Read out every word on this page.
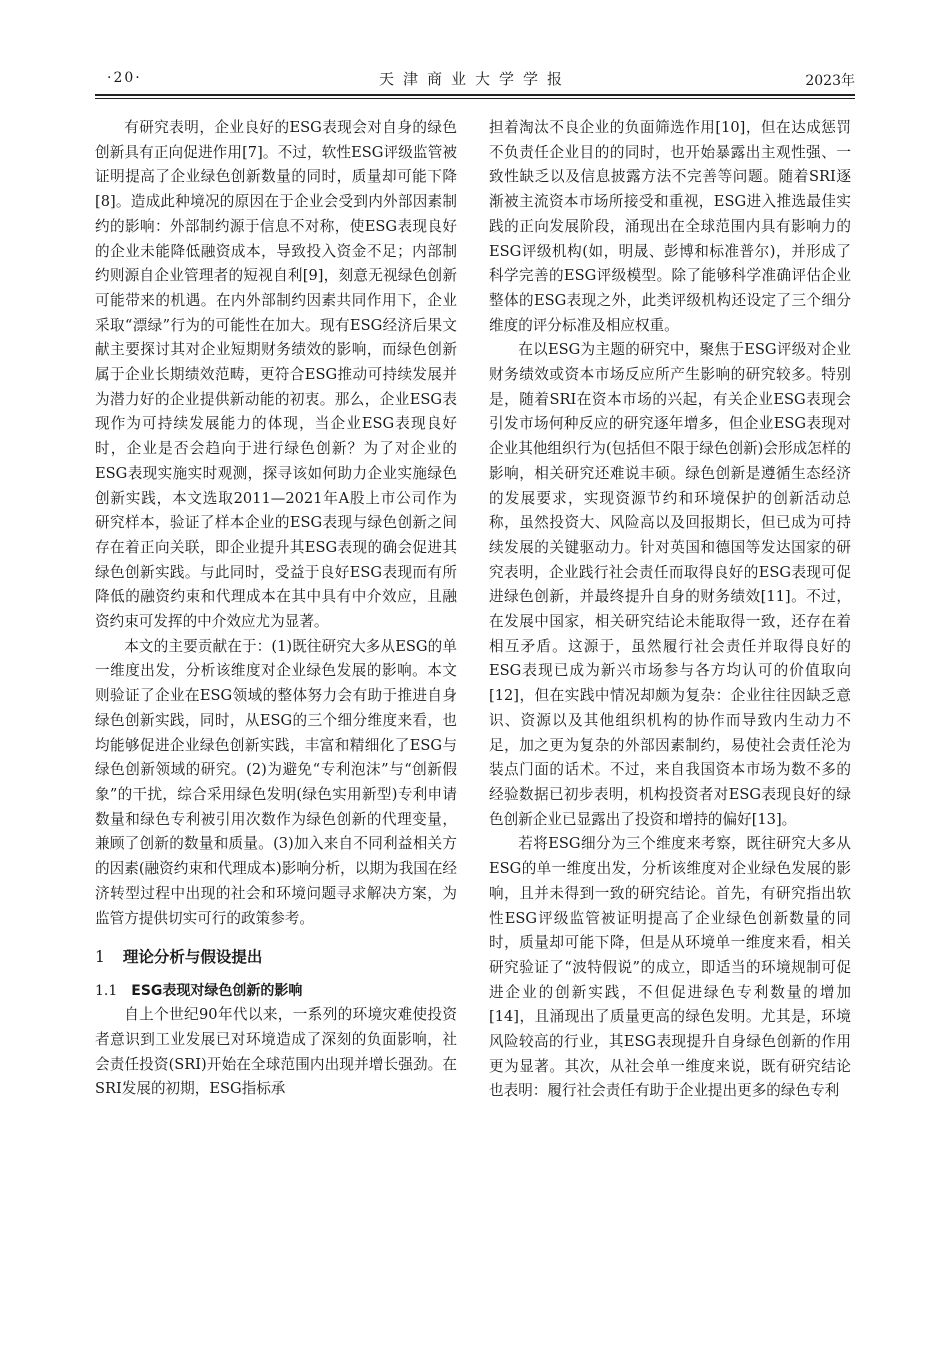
·20·	天津商业大学学报	2023年

有研究表明，企业良好的ESG表现会对自身的绿色创新具有正向促进作用[7]。不过，软性ESG评级监管被证明提高了企业绿色创新数量的同时，质量却可能下降[8]。造成此种境况的原因在于企业会受到内外部因素制约的影响：外部制约源于信息不对称，使ESG表现良好的企业未能降低融资成本，导致投入资金不足；内部制约则源自企业管理者的短视自利[9]，刻意无视绿色创新可能带来的机遇。在内外部制约因素共同作用下，企业采取“漂绿”行为的可能性在加大。现有ESG经济后果文献主要探讨其对企业短期财务绩效的影响，而绿色创新属于企业长期绩效范畴，更符合ESG推动可持续发展并为潜力好的企业提供新动能的初衷。那么，企业ESG表现作为可持续发展能力的体现，当企业ESG表现良好时，企业是否会趋向于进行绿色创新？为了对企业的ESG表现实施实时观测，探寻该如何助力企业实施绿色创新实践，本文选取2011—2021年A股上市公司作为研究样本，验证了样本企业的ESG表现与绿色创新之间存在着正向关联，即企业提升其ESG表现的确会促进其绿色创新实践。与此同时，受益于良好ESG表现而有所降低的融资约束和代理成本在其中具有中介效应，且融资约束可发挥的中介效应尤为显著。

本文的主要贡献在于：(1)既往研究大多从ESG的单一维度出发，分析该维度对企业绿色发展的影响。本文则验证了企业在ESG领域的整体努力会有助于推进自身绿色创新实践，同时，从ESG的三个细分维度来看，也均能够促进企业绿色创新实践，丰富和精细化了ESG与绿色创新领域的研究。(2)为避免“专利泡沫”与“创新假象”的干扰，综合采用绿色发明(绿色实用新型)专利申请数量和绿色专利被引用次数作为绿色创新的代理变量，兼顾了创新的数量和质量。(3)加入来自不同利益相关方的因素(融资约束和代理成本)影响分析，以期为我国在经济转型过程中出现的社会和环境问题寻求解决方案，为监管方提供切实可行的政策参考。

1 理论分析与假设提出
1.1 ESG表现对绿色创新的影响

自上个世纪90年代以来，一系列的环境灾难使投资者意识到工业发展已对环境造成了深刻的负面影响，社会责任投资(SRI)开始在全球范围内出现并增长强劲。在SRI发展的初期，ESG指标承

担着淘汰不良企业的负面筛选作用[10]，但在达成惩罚不负责任企业目的的同时，也开始暴露出主观性强、一致性缺乏以及信息披露方法不完善等问题。随着SRI逐渐被主流资本市场所接受和重视，ESG进入推选最佳实践的正向发展阶段，涌现出在全球范围内具有影响力的ESG评级机构(如，明晟、彭博和标准普尔)，并形成了科学完善的ESG评级模型。除了能够科学准确评估企业整体的ESG表现之外，此类评级机构还设定了三个细分维度的评分标准及相应权重。

在以ESG为主题的研究中，聚焦于ESG评级对企业财务绩效或资本市场反应所产生影响的研究较多。特别是，随着SRI在资本市场的兴起，有关企业ESG表现会引发市场何种反应的研究逐年增多，但企业ESG表现对企业其他组织行为(包括但不限于绿色创新)会形成怎样的影响，相关研究还难说丰硕。绿色创新是遵循生态经济的发展要求，实现资源节约和环境保护的创新活动总称，虽然投资大、风险高以及回报期长，但已成为可持续发展的关键驱动力。针对英国和德国等发达国家的研究表明，企业践行社会责任而取得良好的ESG表现可促进绿色创新，并最终提升自身的财务绩效[11]。不过，在发展中国家，相关研究结论未能取得一致，还存在着相互矛盾。这源于，虽然履行社会责任并取得良好的ESG表现已成为新兴市场参与各方均认可的价值取向[12]，但在实践中情况却颇为复杂：企业往往因缺乏意识、资源以及其他组织机构的协作而导致内生动力不足，加之更为复杂的外部因素制约，易使社会责任沦为装点门面的话术。不过，来自我国资本市场为数不多的经验数据已初步表明，机构投资者对ESG表现良好的绿色创新企业已显露出了投资和增持的偏好[13]。

若将ESG细分为三个维度来考察，既往研究大多从ESG的单一维度出发，分析该维度对企业绿色发展的影响，且并未得到一致的研究结论。首先，有研究指出软性ESG评级监管被证明提高了企业绿色创新数量的同时，质量却可能下降，但是从环境单一维度来看，相关研究验证了“波特假说”的成立，即适当的环境规制可促进企业的创新实践，不但促进绿色专利数量的增加[14]，且涌现出了质量更高的绿色发明。尤其是，环境风险较高的行业，其ESG表现提升自身绿色创新的作用更为显著。其次，从社会单一维度来说，既有研究结论也表明：履行社会责任有助于企业提出更多的绿色专利
